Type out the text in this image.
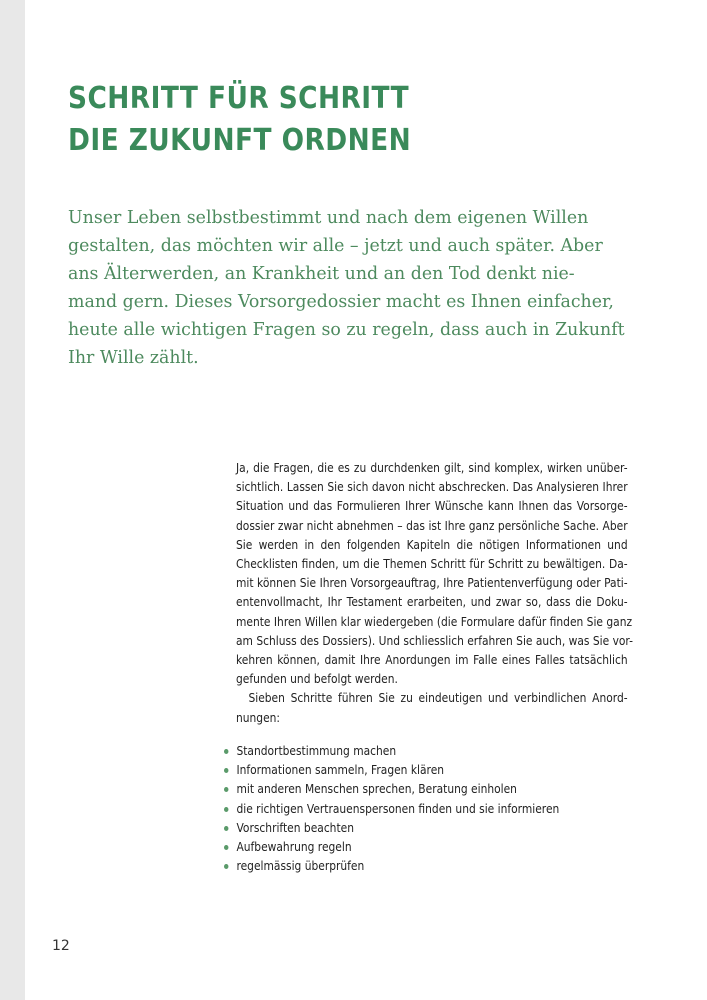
SCHRITT FÜR SCHRITT
DIE ZUKUNFT ORDNEN

Unser Leben selbstbestimmt und nach dem eigenen Willen
gestalten, das möchten wir alle – jetzt und auch später. Aber
ans Älterwerden, an Krankheit und an den Tod denkt nie-
mand gern. Dieses Vorsorgedossier macht es Ihnen einfacher,
heute alle wichtigen Fragen so zu regeln, dass auch in Zukunft
Ihr Wille zählt.

Ja, die Fragen, die es zu durchdenken gilt, sind komplex, wirken unüber-
sichtlich. Lassen Sie sich davon nicht abschrecken. Das Analysieren Ihrer
Situation und das Formulieren Ihrer Wünsche kann Ihnen das Vorsorge-
dossier zwar nicht abnehmen – das ist Ihre ganz persönliche Sache. Aber
Sie werden in den folgenden Kapiteln die nötigen Informationen und
Checklisten finden, um die Themen Schritt für Schritt zu bewältigen. Da-
mit können Sie Ihren Vorsorgeauftrag, Ihre Patientenverfügung oder Pati-
entenvollmacht, Ihr Testament erarbeiten, und zwar so, dass die Doku-
mente Ihren Willen klar wiedergeben (die Formulare dafür finden Sie ganz
am Schluss des Dossiers). Und schliesslich erfahren Sie auch, was Sie vor-
kehren können, damit Ihre Anordungen im Falle eines Falles tatsächlich
gefunden und befolgt werden.
Sieben Schritte führen Sie zu eindeutigen und verbindlichen Anord-
nungen:
Standortbestimmung machen
Informationen sammeln, Fragen klären
mit anderen Menschen sprechen, Beratung einholen
die richtigen Vertrauenspersonen finden und sie informieren
Vorschriften beachten
Aufbewahrung regeln
regelmässig überprüfen
12
